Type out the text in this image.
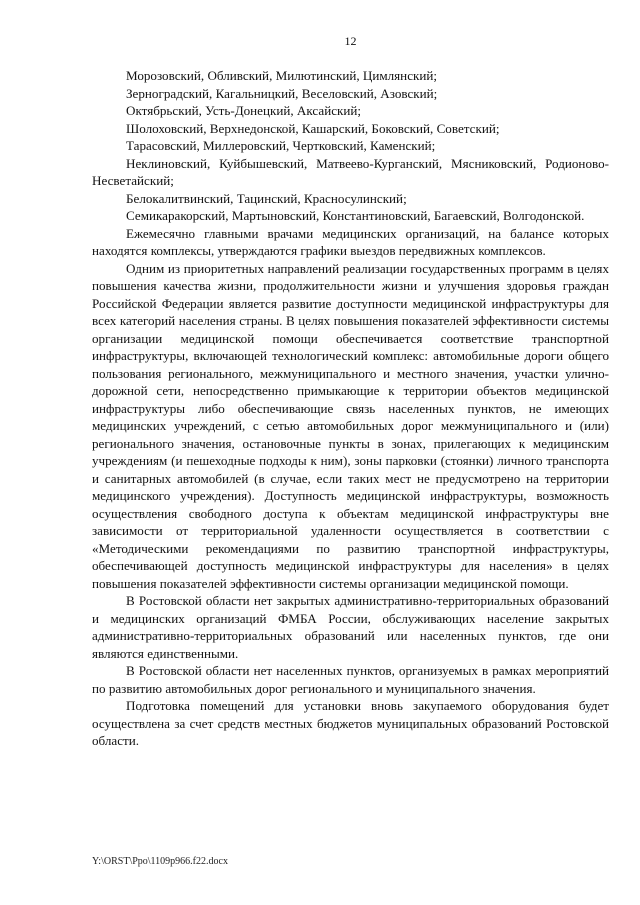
12
Морозовский, Обливский, Милютинский, Цимлянский;
Зерноградский, Кагальницкий, Веселовский, Азовский;
Октябрьский, Усть-Донецкий, Аксайский;
Шолоховский, Верхнедонской, Кашарский, Боковский, Советский;
Тарасовский, Миллеровский, Чертковский, Каменский;

Неклиновский, Куйбышевский, Матвеево-Курганский, Мясниковский, Родионово-Несветайский;

Белокалитвинский, Тацинский, Красносулинский;

Семикаракорский, Мартыновский, Константиновский, Багаевский, Волгодонской.

Ежемесячно главными врачами медицинских организаций, на балансе которых находятся комплексы, утверждаются графики выездов передвижных комплексов.

Одним из приоритетных направлений реализации государственных программ в целях повышения качества жизни, продолжительности жизни и улучшения здоровья граждан Российской Федерации является развитие доступности медицинской инфраструктуры для всех категорий населения страны. В целях повышения показателей эффективности системы организации медицинской помощи обеспечивается соответствие транспортной инфраструктуры, включающей технологический комплекс: автомобильные дороги общего пользования регионального, межмуниципального и местного значения, участки улично-дорожной сети, непосредственно примыкающие к территории объектов медицинской инфраструктуры либо обеспечивающие связь населенных пунктов, не имеющих медицинских учреждений, с сетью автомобильных дорог межмуниципального и (или) регионального значения, остановочные пункты в зонах, прилегающих к медицинским учреждениям (и пешеходные подходы к ним), зоны парковки (стоянки) личного транспорта и санитарных автомобилей (в случае, если таких мест не предусмотрено на территории медицинского учреждения). Доступность медицинской инфраструктуры, возможность осуществления свободного доступа к объектам медицинской инфраструктуры вне зависимости от территориальной удаленности осуществляется в соответствии с «Методическими рекомендациями по развитию транспортной инфраструктуры, обеспечивающей доступность медицинской инфраструктуры для населения» в целях повышения показателей эффективности системы организации медицинской помощи.

В Ростовской области нет закрытых административно-территориальных образований и медицинских организаций ФМБА России, обслуживающих население закрытых административно-территориальных образований или населенных пунктов, где они являются единственными.

В Ростовской области нет населенных пунктов, организуемых в рамках мероприятий по развитию автомобильных дорог регионального и муниципального значения.

Подготовка помещений для установки вновь закупаемого оборудования будет осуществлена за счет средств местных бюджетов муниципальных образований Ростовской области.

Y:\ORST\Ppo\1109p966.f22.docx
